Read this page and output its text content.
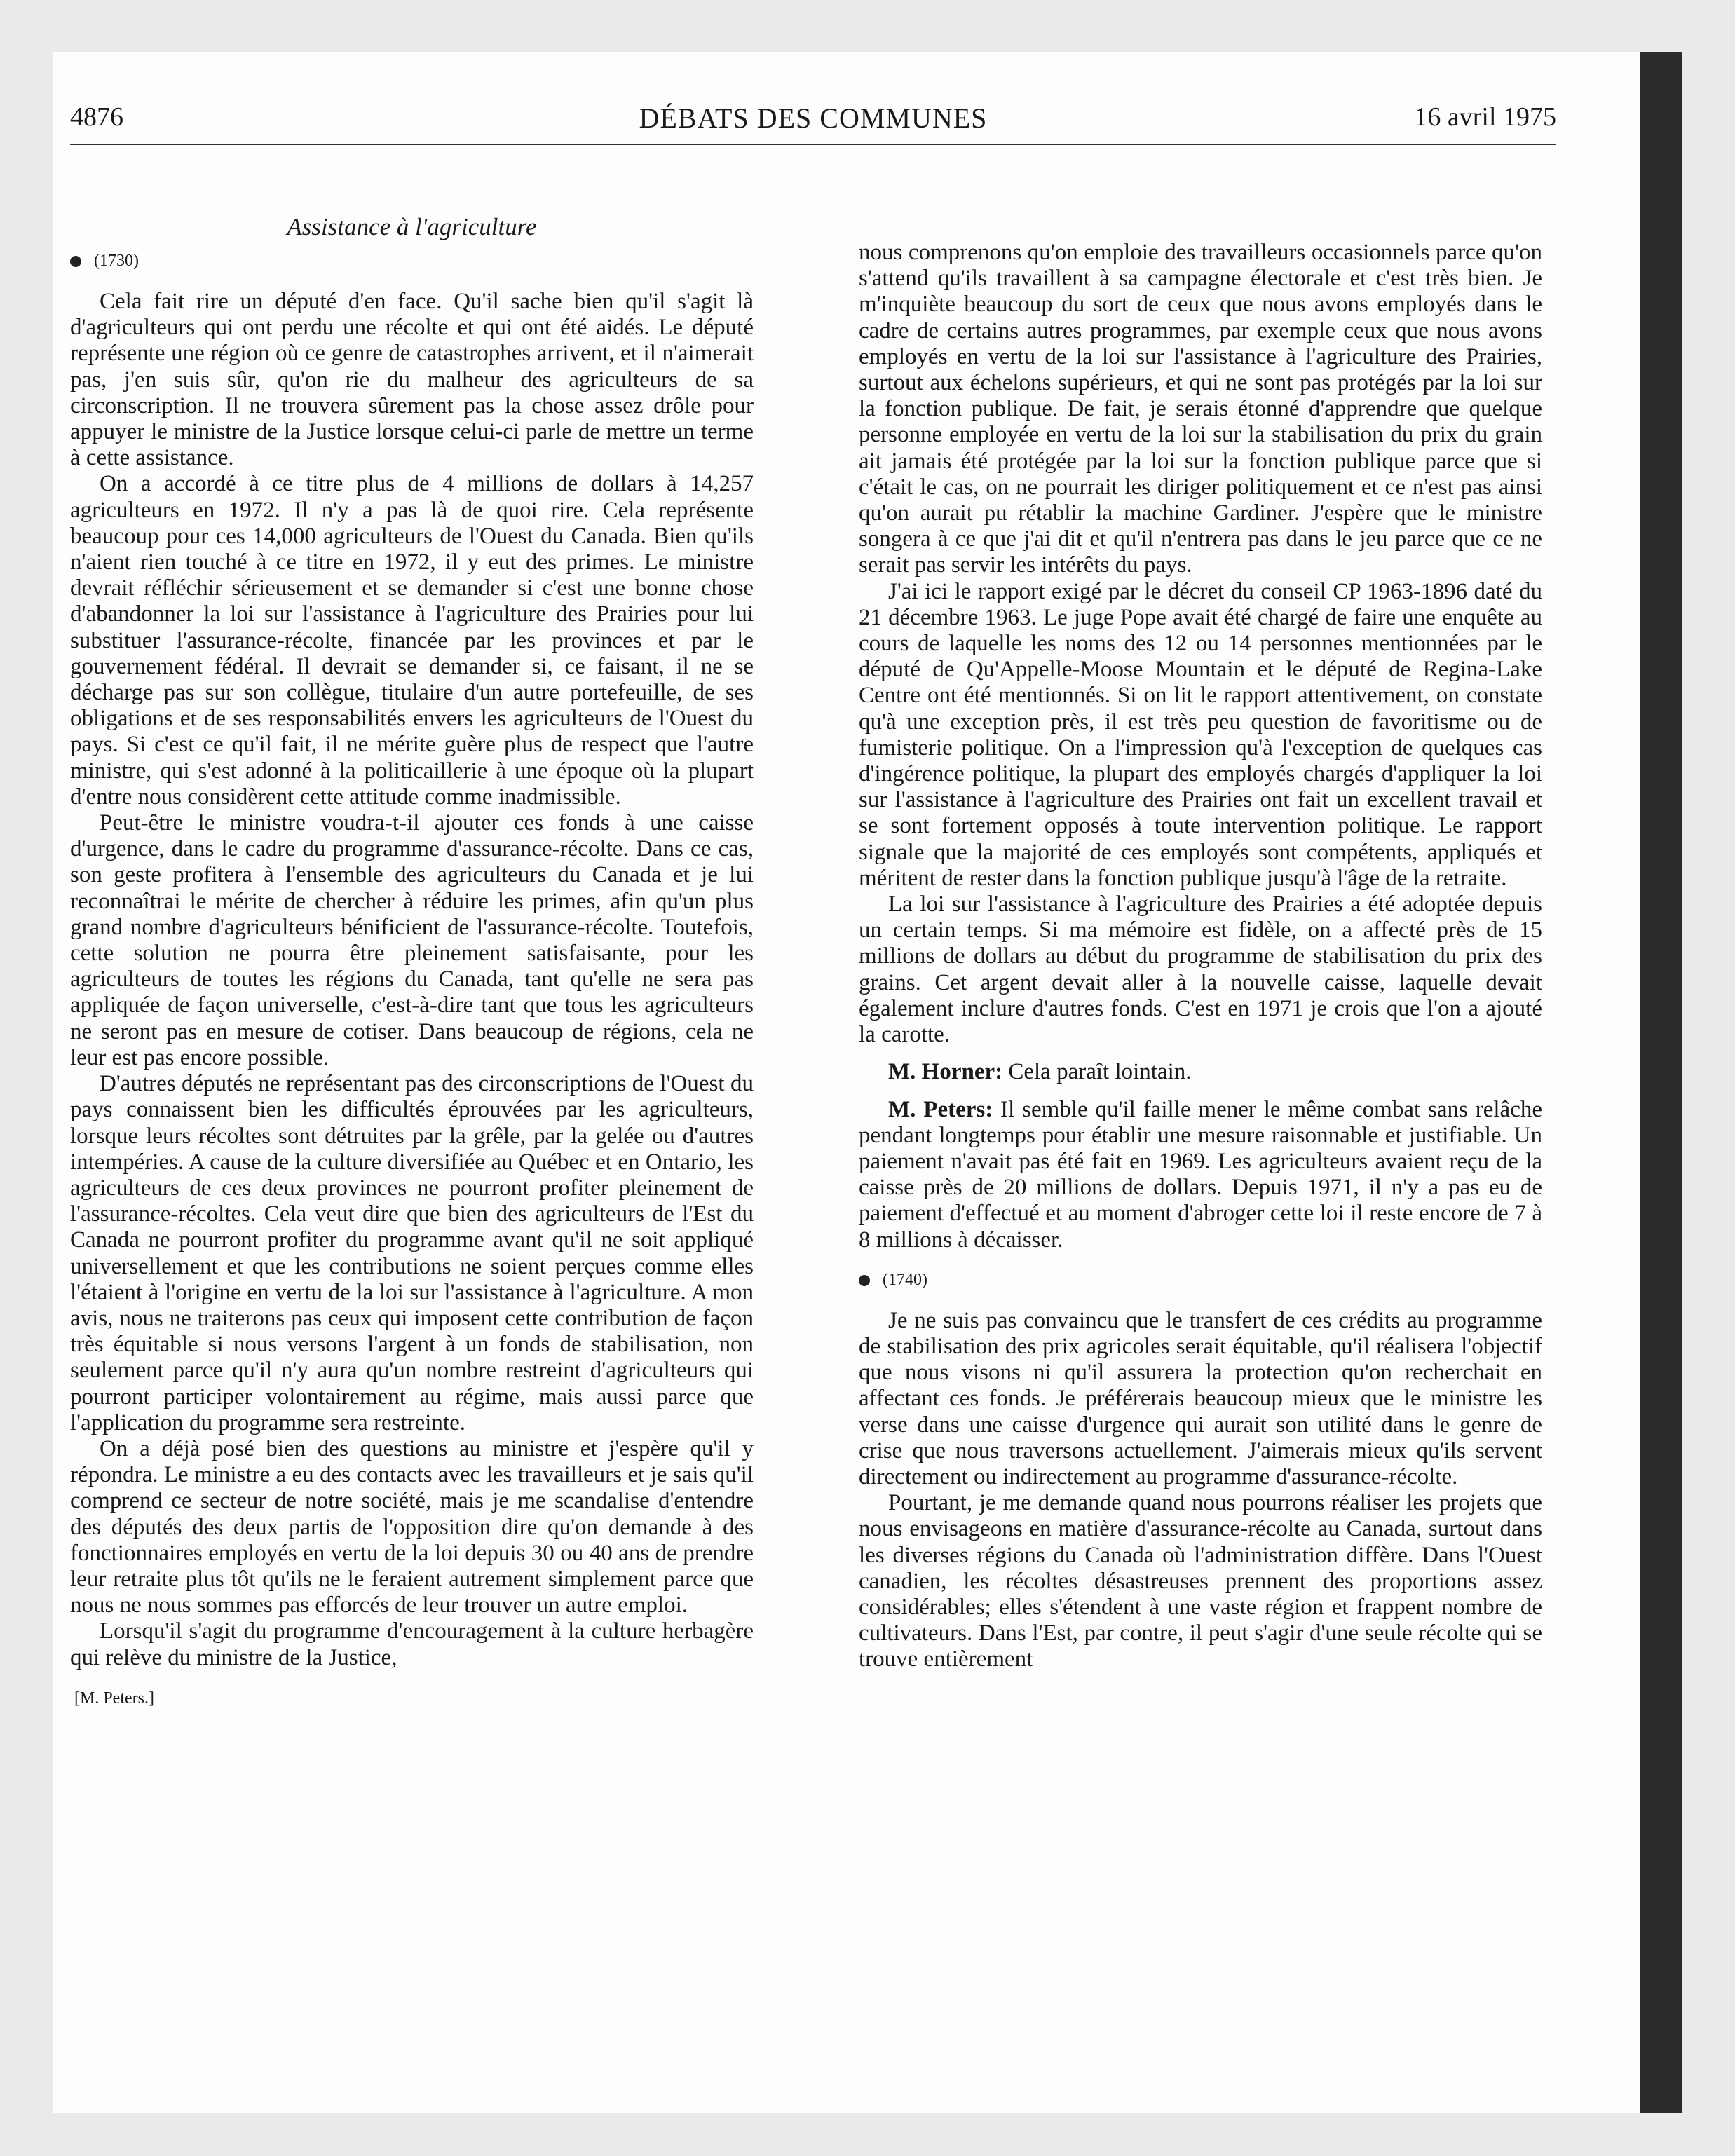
4876	DÉBATS DES COMMUNES	16 avril 1975
Assistance à l'agriculture
(1730)

Cela fait rire un député d'en face. Qu'il sache bien qu'il s'agit là d'agriculteurs qui ont perdu une récolte et qui ont été aidés. Le député représente une région où ce genre de catastrophes arrivent, et il n'aimerait pas, j'en suis sûr, qu'on rie du malheur des agriculteurs de sa circonscription. Il ne trouvera sûrement pas la chose assez drôle pour appuyer le ministre de la Justice lorsque celui-ci parle de mettre un terme à cette assistance.

On a accordé à ce titre plus de 4 millions de dollars à 14,257 agriculteurs en 1972. Il n'y a pas là de quoi rire. Cela représente beaucoup pour ces 14,000 agriculteurs de l'Ouest du Canada. Bien qu'ils n'aient rien touché à ce titre en 1972, il y eut des primes. Le ministre devrait réfléchir sérieusement et se demander si c'est une bonne chose d'abandonner la loi sur l'assistance à l'agriculture des Prairies pour lui substituer l'assurance-récolte, financée par les provinces et par le gouvernement fédéral. Il devrait se demander si, ce faisant, il ne se décharge pas sur son collègue, titulaire d'un autre portefeuille, de ses obligations et de ses responsabilités envers les agriculteurs de l'Ouest du pays. Si c'est ce qu'il fait, il ne mérite guère plus de respect que l'autre ministre, qui s'est adonné à la politicaillerie à une époque où la plupart d'entre nous considèrent cette attitude comme inadmissible.

Peut-être le ministre voudra-t-il ajouter ces fonds à une caisse d'urgence, dans le cadre du programme d'assurance-récolte. Dans ce cas, son geste profitera à l'ensemble des agriculteurs du Canada et je lui reconnaîtrai le mérite de chercher à réduire les primes, afin qu'un plus grand nombre d'agriculteurs bénificient de l'assurance-récolte. Toutefois, cette solution ne pourra être pleinement satisfaisante, pour les agriculteurs de toutes les régions du Canada, tant qu'elle ne sera pas appliquée de façon universelle, c'est-à-dire tant que tous les agriculteurs ne seront pas en mesure de cotiser. Dans beaucoup de régions, cela ne leur est pas encore possible.

D'autres députés ne représentant pas des circonscriptions de l'Ouest du pays connaissent bien les difficultés éprouvées par les agriculteurs, lorsque leurs récoltes sont détruites par la grêle, par la gelée ou d'autres intempéries. A cause de la culture diversifiée au Québec et en Ontario, les agriculteurs de ces deux provinces ne pourront profiter pleinement de l'assurance-récoltes. Cela veut dire que bien des agriculteurs de l'Est du Canada ne pourront profiter du programme avant qu'il ne soit appliqué universellement et que les contributions ne soient perçues comme elles l'étaient à l'origine en vertu de la loi sur l'assistance à l'agriculture. A mon avis, nous ne traiterons pas ceux qui imposent cette contribution de façon très équitable si nous versons l'argent à un fonds de stabilisation, non seulement parce qu'il n'y aura qu'un nombre restreint d'agriculteurs qui pourront participer volontairement au régime, mais aussi parce que l'application du programme sera restreinte.

On a déjà posé bien des questions au ministre et j'espère qu'il y répondra. Le ministre a eu des contacts avec les travailleurs et je sais qu'il comprend ce secteur de notre société, mais je me scandalise d'entendre des députés des deux partis de l'opposition dire qu'on demande à des fonctionnaires employés en vertu de la loi depuis 30 ou 40 ans de prendre leur retraite plus tôt qu'ils ne le feraient autrement simplement parce que nous ne nous sommes pas efforcés de leur trouver un autre emploi.

Lorsqu'il s'agit du programme d'encouragement à la culture herbagère qui relève du ministre de la Justice,

[M. Peters.]

nous comprenons qu'on emploie des travailleurs occasionnels parce qu'on s'attend qu'ils travaillent à sa campagne électorale et c'est très bien. Je m'inquiète beaucoup du sort de ceux que nous avons employés dans le cadre de certains autres programmes, par exemple ceux que nous avons employés en vertu de la loi sur l'assistance à l'agriculture des Prairies, surtout aux échelons supérieurs, et qui ne sont pas protégés par la loi sur la fonction publique. De fait, je serais étonné d'apprendre que quelque personne employée en vertu de la loi sur la stabilisation du prix du grain ait jamais été protégée par la loi sur la fonction publique parce que si c'était le cas, on ne pourrait les diriger politiquement et ce n'est pas ainsi qu'on aurait pu rétablir la machine Gardiner. J'espère que le ministre songera à ce que j'ai dit et qu'il n'entrera pas dans le jeu parce que ce ne serait pas servir les intérêts du pays.

J'ai ici le rapport exigé par le décret du conseil CP 1963-1896 daté du 21 décembre 1963. Le juge Pope avait été chargé de faire une enquête au cours de laquelle les noms des 12 ou 14 personnes mentionnées par le député de Qu'Appelle-Moose Mountain et le député de Regina-Lake Centre ont été mentionnés. Si on lit le rapport attentivement, on constate qu'à une exception près, il est très peu question de favoritisme ou de fumisterie politique. On a l'impression qu'à l'exception de quelques cas d'ingérence politique, la plupart des employés chargés d'appliquer la loi sur l'assistance à l'agriculture des Prairies ont fait un excellent travail et se sont fortement opposés à toute intervention politique. Le rapport signale que la majorité de ces employés sont compétents, appliqués et méritent de rester dans la fonction publique jusqu'à l'âge de la retraite.

La loi sur l'assistance à l'agriculture des Prairies a été adoptée depuis un certain temps. Si ma mémoire est fidèle, on a affecté près de 15 millions de dollars au début du programme de stabilisation du prix des grains. Cet argent devait aller à la nouvelle caisse, laquelle devait également inclure d'autres fonds. C'est en 1971 je crois que l'on a ajouté la carotte.

M. Horner: Cela paraît lointain.

M. Peters: Il semble qu'il faille mener le même combat sans relâche pendant longtemps pour établir une mesure raisonnable et justifiable. Un paiement n'avait pas été fait en 1969. Les agriculteurs avaient reçu de la caisse près de 20 millions de dollars. Depuis 1971, il n'y a pas eu de paiement d'effectué et au moment d'abroger cette loi il reste encore de 7 à 8 millions à décaisser.

(1740)

Je ne suis pas convaincu que le transfert de ces crédits au programme de stabilisation des prix agricoles serait équitable, qu'il réalisera l'objectif que nous visons ni qu'il assurera la protection qu'on recherchait en affectant ces fonds. Je préférerais beaucoup mieux que le ministre les verse dans une caisse d'urgence qui aurait son utilité dans le genre de crise que nous traversons actuellement. J'aimerais mieux qu'ils servent directement ou indirectement au programme d'assurance-récolte.

Pourtant, je me demande quand nous pourrons réaliser les projets que nous envisageons en matière d'assurance-récolte au Canada, surtout dans les diverses régions du Canada où l'administration diffère. Dans l'Ouest canadien, les récoltes désastreuses prennent des proportions assez considérables; elles s'étendent à une vaste région et frappent nombre de cultivateurs. Dans l'Est, par contre, il peut s'agir d'une seule récolte qui se trouve entièrement
